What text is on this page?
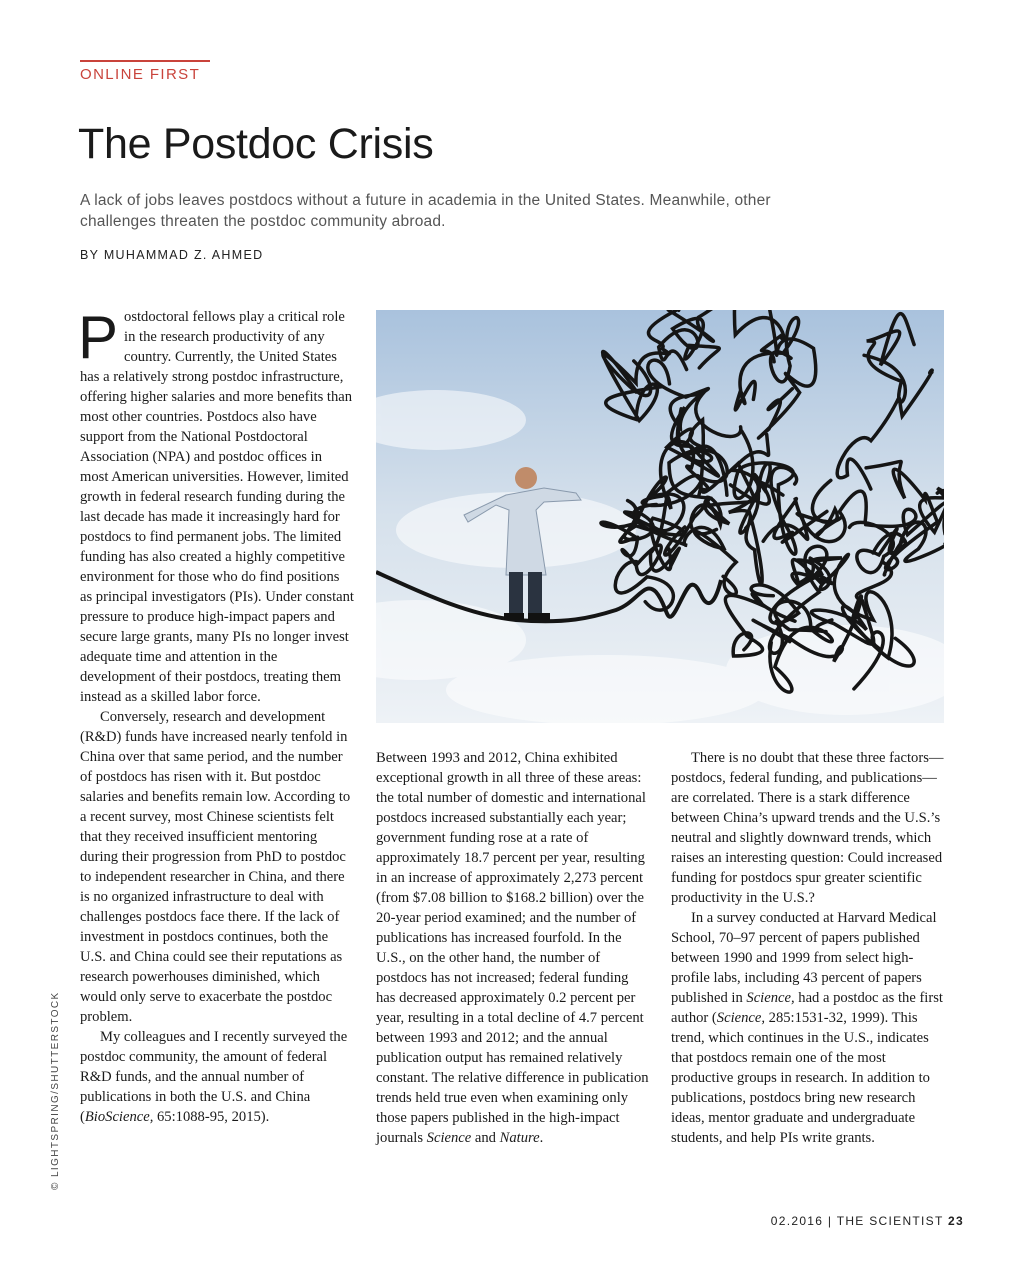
ONLINE FIRST
The Postdoc Crisis

A lack of jobs leaves postdocs without a future in academia in the United States. Meanwhile, other challenges threaten the postdoc community abroad.

BY MUHAMMAD Z. AHMED

Postdoctoral fellows play a critical role in the research productivity of any country. Currently, the United States has a relatively strong postdoc infrastructure, offering higher salaries and more benefits than most other countries. Postdocs also have support from the National Postdoctoral Association (NPA) and postdoc offices in most American universities. However, limited growth in federal research funding during the last decade has made it increasingly hard for postdocs to find permanent jobs. The limited funding has also created a highly competitive environment for those who do find positions as principal investigators (PIs). Under constant pressure to produce high-impact papers and secure large grants, many PIs no longer invest adequate time and attention in the development of their postdocs, treating them instead as a skilled labor force.

Conversely, research and development (R&D) funds have increased nearly tenfold in China over that same period, and the number of postdocs has risen with it. But postdoc salaries and benefits remain low. According to a recent survey, most Chinese scientists felt that they received insufficient mentoring during their progression from PhD to postdoc to independent researcher in China, and there is no organized infrastructure to deal with challenges postdocs face there. If the lack of investment in postdocs continues, both the U.S. and China could see their reputations as research powerhouses diminished, which would only serve to exacerbate the postdoc problem.

My colleagues and I recently surveyed the postdoc community, the amount of federal R&D funds, and the annual number of publications in both the U.S. and China (BioScience, 65:1088-95, 2015).

Between 1993 and 2012, China exhibited exceptional growth in all three of these areas: the total number of domestic and international postdocs increased substantially each year; government funding rose at a rate of approximately 18.7 percent per year, resulting in an increase of approximately 2,273 percent (from $7.08 billion to $168.2 billion) over the 20-year period examined; and the number of publications has increased fourfold. In the U.S., on the other hand, the number of postdocs has not increased; federal funding has decreased approximately 0.2 percent per year, resulting in a total decline of 4.7 percent between 1993 and 2012; and the annual publication output has remained relatively constant. The relative difference in publication trends held true even when examining only those papers published in the high-impact journals Science and Nature.

There is no doubt that these three factors—postdocs, federal funding, and publications—are correlated. There is a stark difference between China’s upward trends and the U.S.’s neutral and slightly downward trends, which raises an interesting question: Could increased funding for postdocs spur greater scientific productivity in the U.S.?

In a survey conducted at Harvard Medical School, 70–97 percent of papers published between 1990 and 1999 from select high-profile labs, including 43 percent of papers published in Science, had a postdoc as the first author (Science, 285:1531-32, 1999). This trend, which continues in the U.S., indicates that postdocs remain one of the most productive groups in research. In addition to publications, postdocs bring new research ideas, mentor graduate and undergraduate students, and help PIs write grants.

© LIGHTSPRING/SHUTTERSTOCK
02.2016 | THE SCIENTIST 23
